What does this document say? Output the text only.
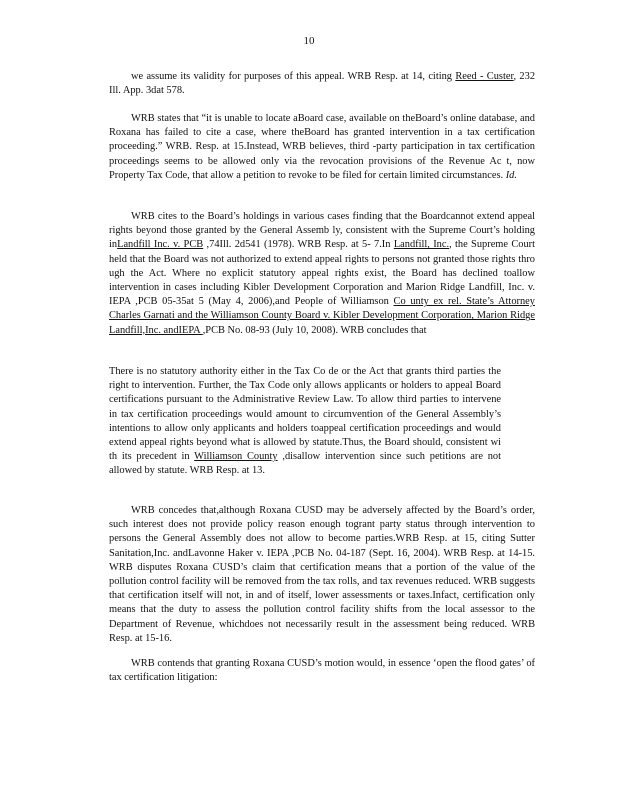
10
we assume its validity for purposes of this appeal. WRB Resp. at 14, citing Reed - Custer, 232 Ill. App. 3dat 578.
WRB states that “it is unable to locate aBoard case, available on theBoard’s online database, and Roxana has failed to cite a case, where theBoard has granted intervention in a tax certification proceeding.” WRB. Resp. at 15.Instead, WRB believes, third -party participation in tax certification proceedings seems to be allowed only via the revocation provisions of the Revenue Ac t, now Property Tax Code, that allow a petition to revoke to be filed for certain limited circumstances. Id.
WRB cites to the Board’s holdings in various cases finding that the Boardcannot extend appeal rights beyond those granted by the General Assemb ly, consistent with the Supreme Court’s holding inLandfill Inc. v. PCB ,74Ill. 2d541 (1978). WRB Resp. at 5- 7.In Landfill, Inc., the Supreme Court held that the Board was not authorized to extend appeal rights to persons not granted those rights thro ugh the Act. Where no explicit statutory appeal rights exist, the Board has declined toallow intervention in cases including Kibler Development Corporation and Marion Ridge Landfill, Inc. v. IEPA ,PCB 05-35at 5 (May 4, 2006),and People of Williamson Co unty ex rel. State’s Attorney Charles Garnati and the Williamson County Board v. Kibler Development Corporation, Marion Ridge Landfill,Inc. andIEPA ,PCB No. 08-93 (July 10, 2008). WRB concludes that
There is no statutory authority either in the Tax Co de or the Act that grants third parties the right to intervention. Further, the Tax Code only allows applicants or holders to appeal Board certifications pursuant to the Administrative Review Law. To allow third parties to intervene in tax certification proceedings would amount to circumvention of the General Assembly’s intentions to allow only applicants and holders toappeal certification proceedings and would extend appeal rights beyond what is allowed by statute.Thus, the Board should, consistent wi th its precedent in Williamson County ,disallow intervention since such petitions are not allowed by statute. WRB Resp. at 13.
WRB concedes that,although Roxana CUSD may be adversely affected by the Board’s order, such interest does not provide policy reason enough togrant party status through intervention to persons the General Assembly does not allow to become parties.WRB Resp. at 15, citing Sutter Sanitation,Inc. andLavonne Haker v. IEPA ,PCB No. 04-187 (Sept. 16, 2004). WRB Resp. at 14-15. WRB disputes Roxana CUSD’s claim that certification means that a portion of the value of the pollution control facility will be removed from the tax rolls, and tax revenues reduced. WRB suggests that certification itself will not, in and of itself, lower assessments or taxes.Infact, certification only means that the duty to assess the pollution control facility shifts from the local assessor to the Department of Revenue, whichdoes not necessarily result in the assessment being reduced. WRB Resp. at 15-16.
WRB contends that granting Roxana CUSD’s motion would, in essence ‘open the flood gates’ of tax certification litigation:
